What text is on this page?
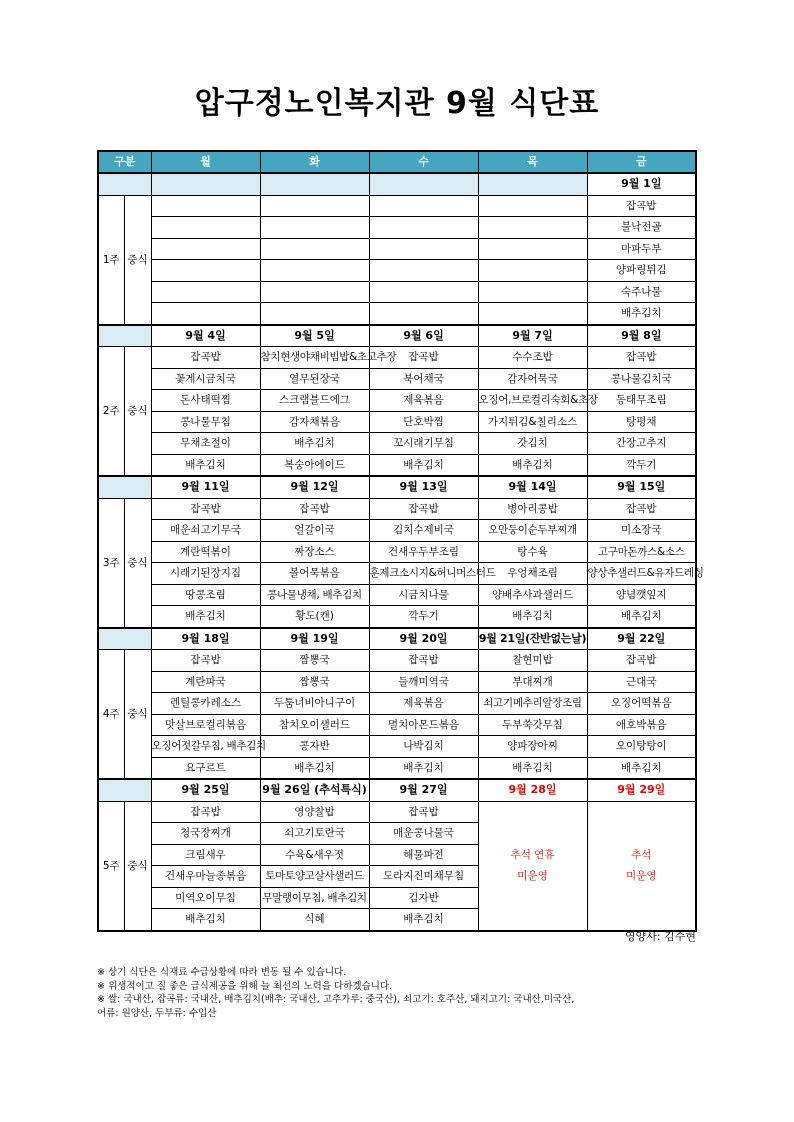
압구정노인복지관 9월 식단표
구분		월	화	수	목	금
						9월 1일
1주	중식					잡곡밥
						불낙전골
						마파두부
						양파링튀김
						숙주나물
						배추김치
		9월 4일	9월 5일	9월 6일	9월 7일	9월 8일
2주	중식	잡곡밥	참치현생야채비빔밥&초고추장	잡곡밥	수수조밥	잡곡밥
		꽃게시금치국	열무된장국	북어채국	감자어묵국	콩나물김치국
		돈사태떡찜	스크램블드에그	제육볶음	오징어,브로컬리숙회&초장	동태무조림
		콩나물무침	감자채볶음	단호박찜	가지튀김&칠리소스	탕평채
		무채초절이	배추김치	꼬시래기무침	갓김치	간장고추지
		배추김치	복숭아에이드	배추김치	배추김치	깍두기
		9월 11일	9월 12일	9월 13일	9월 14일	9월 15일
3주	중식	잡곡밥	잡곡밥	잡곡밥	병아리콩밥	잡곡밥
		매운쇠고기무국	얼갈이국	김치수제비국	오만둥이순두부찌개	미소장국
		계란떡볶이	짜장소스	건새우두부조림	탕수육	고구마돈까스&소스
		시래기된장지짐	볼어묵볶음	훈제크소시지&허니머스터드	우엉채조림	양상추샐러드&유자드레싱
		땅콩조림	콩나물냉채, 배추김치	시금치나물	양배추사과샐러드	양념깻잎지
		배추김치	황도(캔)	깍두기	배추김치	배추김치
		9월 18일	9월 19일	9월 20일	9월 21일(잔반없는날)	9월 22일
4주	중식	잡곡밥	짬뽕국	잡곡밥	찰현미밥	잡곡밥
		계란파국	짬뽕국	들깨미역국	부대찌개	근대국
		렌틸콩카레소스	두툼너비아니구이	제육볶음	쇠고기메추리알장조림	오징어떡볶음
		맛살브로컬리볶음	참치오이샐러드	멸치아몬드볶음	두부쑥갓무침	애호박볶음
		오징어젓갈무침, 배추김치	콩자반	나박김치	양파장아찌	오이탕탕이
		요구르트	배추김치	배추김치	배추김치	배추김치
		9월 25일	9월 26일 (추석특식)	9월 27일	9월 28일	9월 29일
5주	중식	잡곡밥	영양찰밥	잡곡밥		
		청국장찌개	쇠고기토란국	매운콩나물국		
		크림새우	수육&새우젓	해물파전	추석 연휴	추석
		건새우마늘종볶음	토마토양고살사샐러드	도라지진미채무침	미운영	미운영
		미역오이무침	무말랭이무침, 배추김치	김자반		
		배추김치	식혜	배추김치		
영양사: 김수현
※ 상기 식단은 식재료 수급상황에 따라 변동 될 수 있습니다.
※ 위생적이고 질 좋은 급식제공을 위해 늘 최선의 노력을 다하겠습니다.
※ 쌀: 국내산, 잡곡류: 국내산, 배추김치(배추: 국내산, 고추가루: 중국산), 쇠고기: 호주산, 돼지고기: 국내산,미국산,
어류: 원양산, 두부류: 수입산
